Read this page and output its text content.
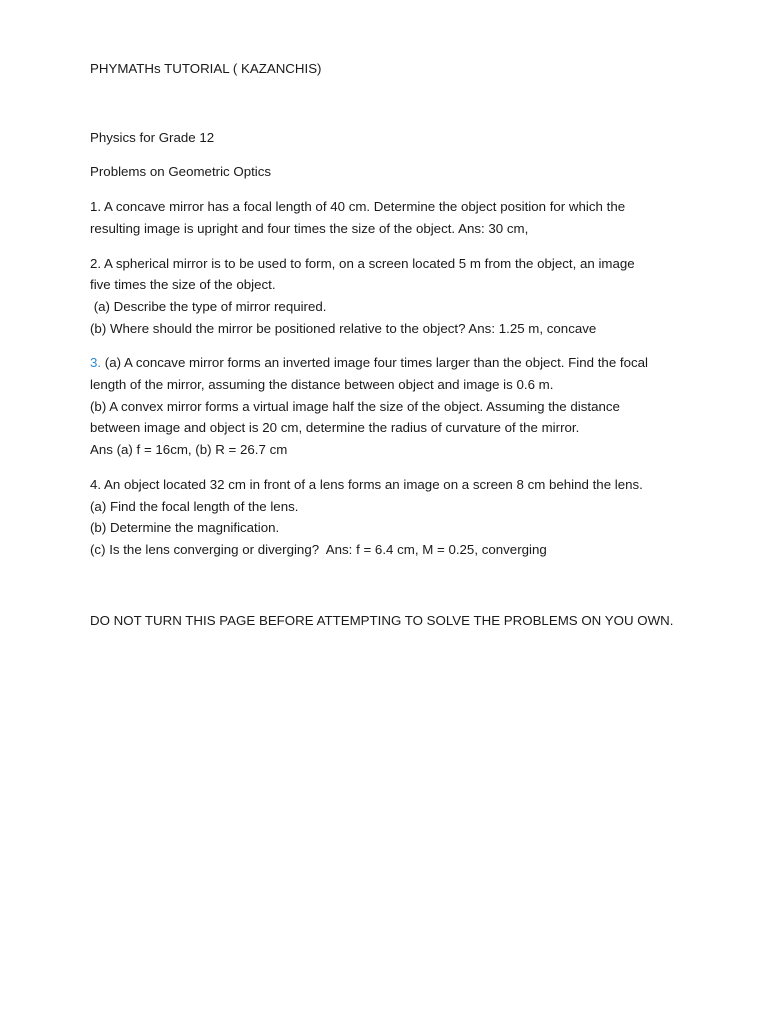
PHYMATHs TUTORIAL ( KAZANCHIS)
Physics for Grade 12
Problems on Geometric Optics
1. A concave mirror has a focal length of 40 cm. Determine the object position for which the
resulting image is upright and four times the size of the object. Ans: 30 cm,
2. A spherical mirror is to be used to form, on a screen located 5 m from the object, an image
five times the size of the object.
(a) Describe the type of mirror required.
(b) Where should the mirror be positioned relative to the object? Ans: 1.25 m, concave
3. (a) A concave mirror forms an inverted image four times larger than the object. Find the focal
length of the mirror, assuming the distance between object and image is 0.6 m.
(b) A convex mirror forms a virtual image half the size of the object. Assuming the distance
between image and object is 20 cm, determine the radius of curvature of the mirror.
Ans (a) f = 16cm, (b) R = 26.7 cm
4. An object located 32 cm in front of a lens forms an image on a screen 8 cm behind the lens.
(a) Find the focal length of the lens.
(b) Determine the magnification.
(c) Is the lens converging or diverging?  Ans: f = 6.4 cm, M = 0.25, converging
DO NOT TURN THIS PAGE BEFORE ATTEMPTING TO SOLVE THE PROBLEMS ON YOU OWN.
